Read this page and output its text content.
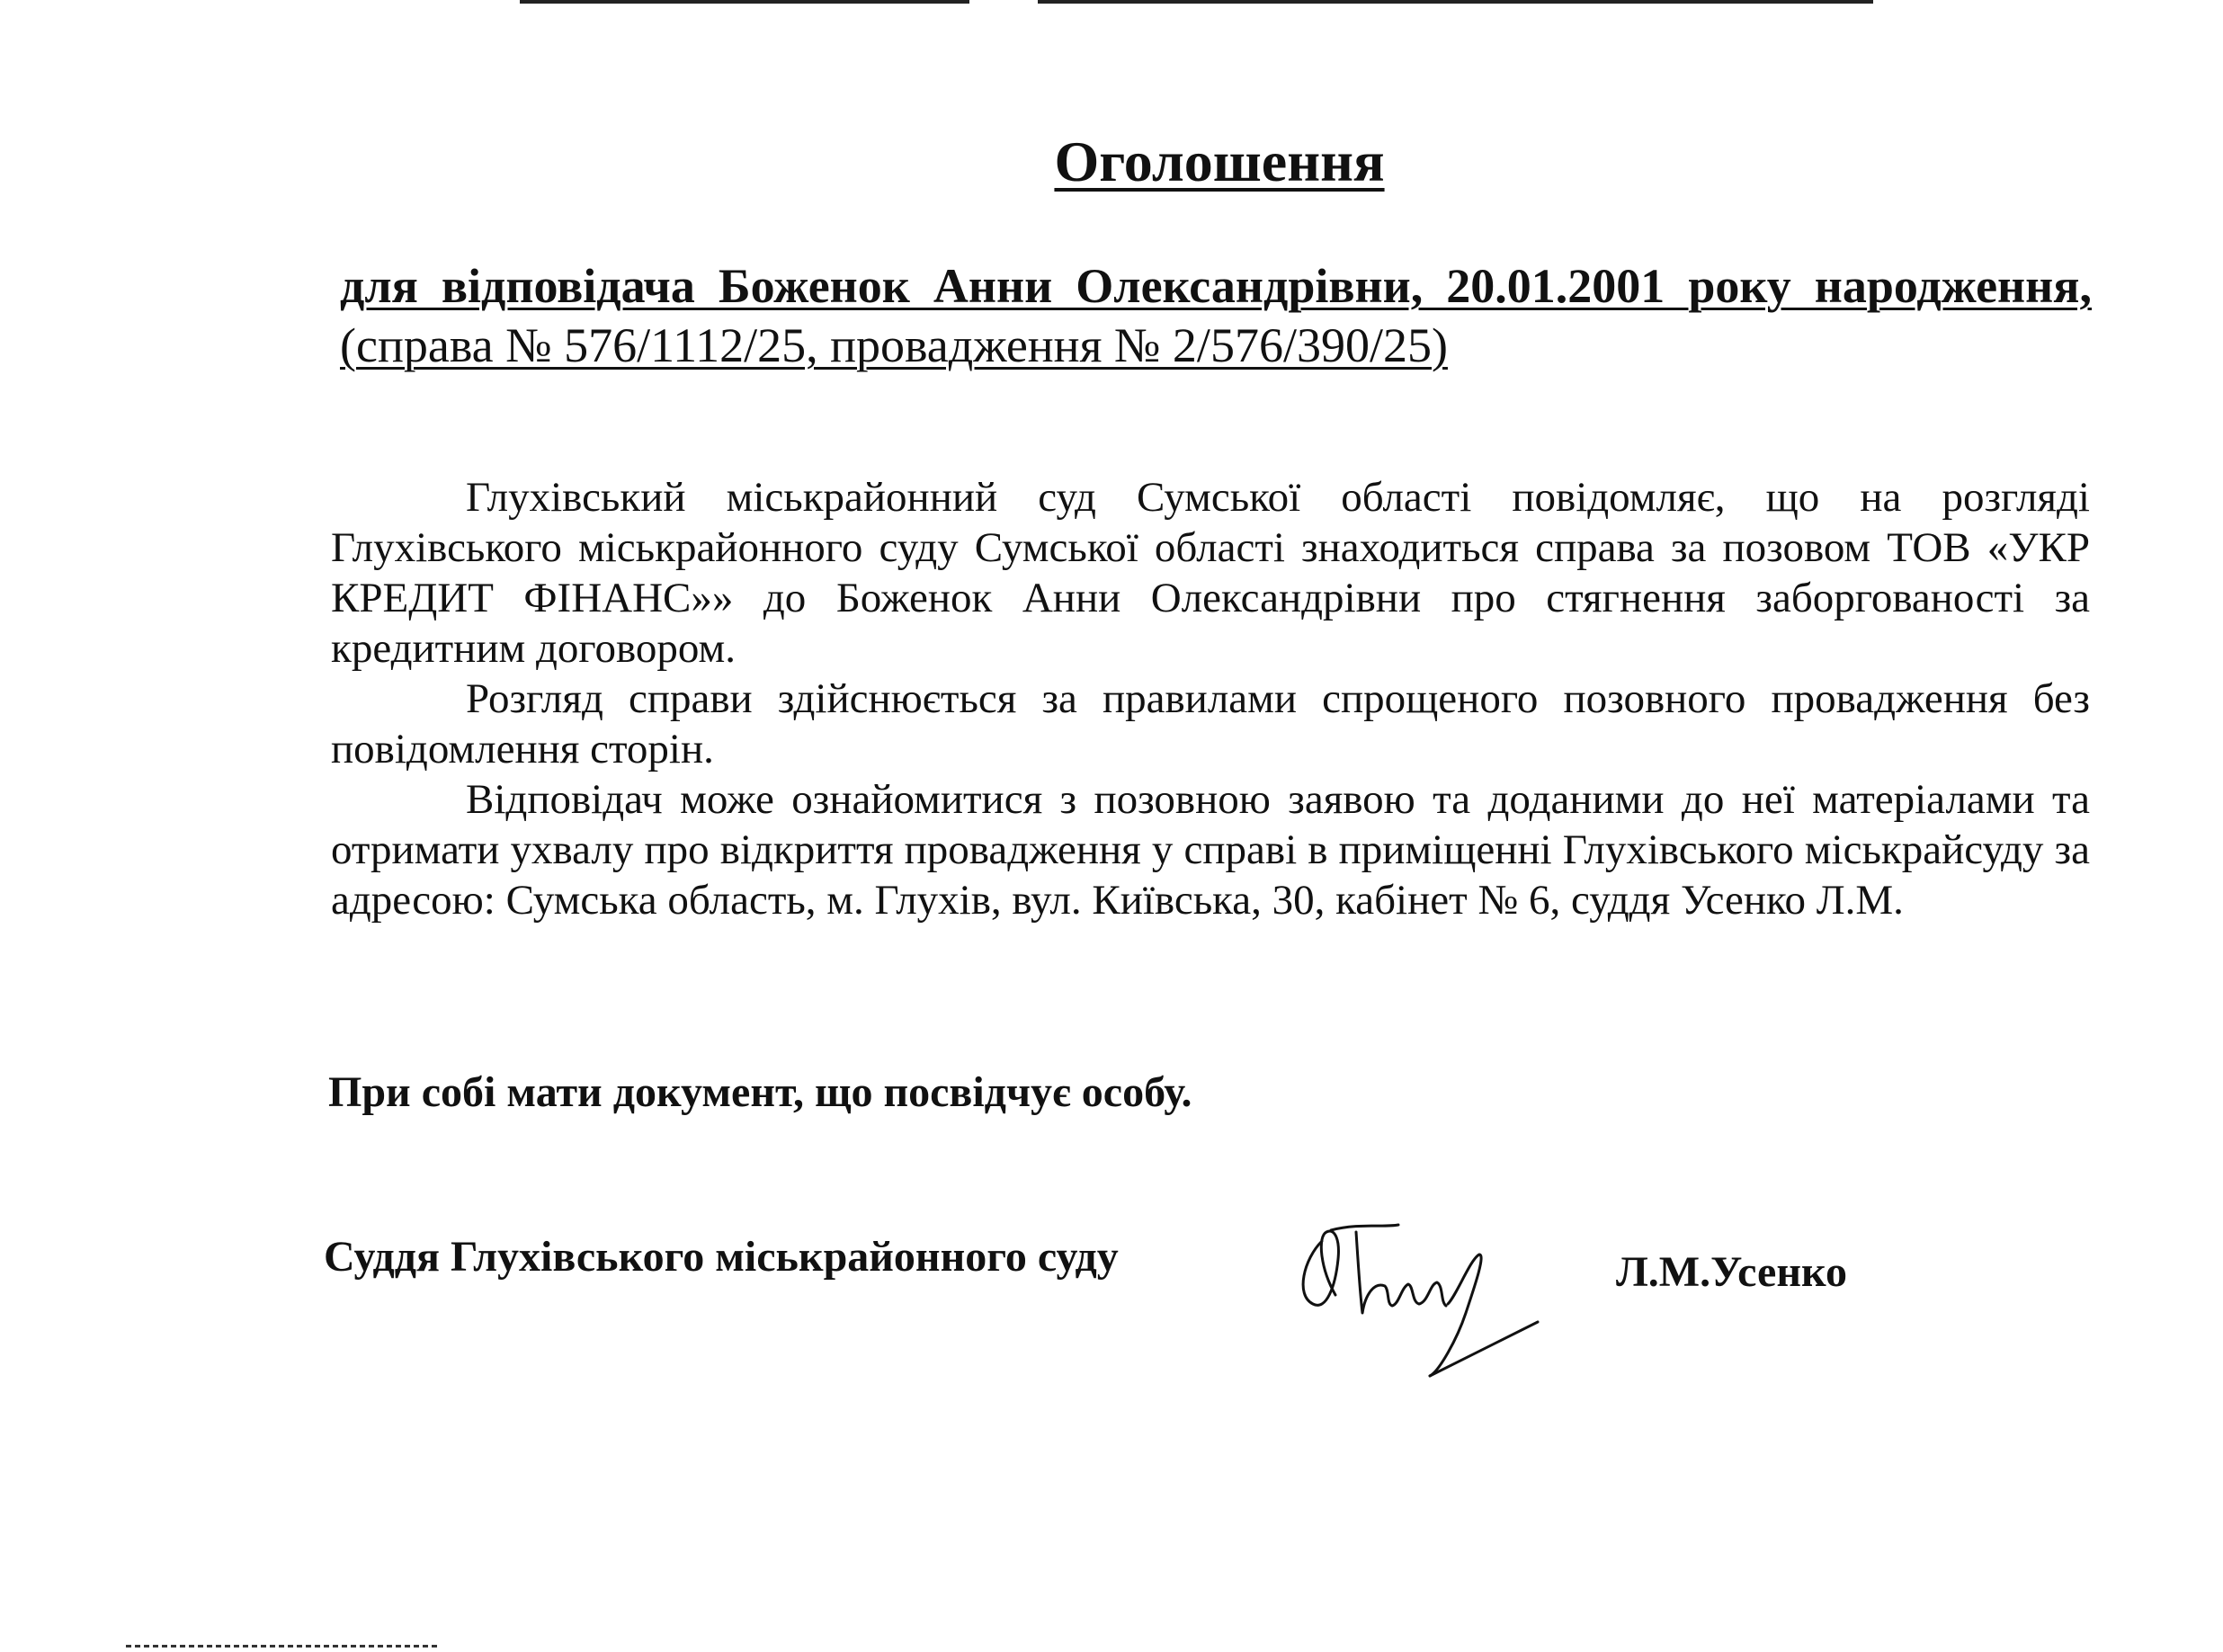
Оголошення
для відповідача Боженок Анни Олександрівни, 20.01.2001 року народження, (справа № 576/1112/25, провадження № 2/576/390/25)

Глухівський міськрайонний суд Сумської області повідомляє, що на розгляді Глухівського міськрайонного суду Сумської області знаходиться справа за позовом ТОВ «УКР КРЕДИТ ФІНАНС»» до Боженок Анни Олександрівни про стягнення заборгованості за кредитним договором.

Розгляд справи здійснюється за правилами спрощеного позовного провадження без повідомлення сторін.

Відповідач може ознайомитися з позовною заявою та доданими до неї матеріалами та отримати ухвалу про відкриття провадження у справі в приміщенні Глухівського міськрайсуду за адресою: Сумська область, м. Глухів, вул. Київська, 30, кабінет № 6, суддя Усенко Л.М.

При собі мати документ, що посвідчує особу.
Суддя Глухівського міськрайонного суду	Л.М.Усенко
